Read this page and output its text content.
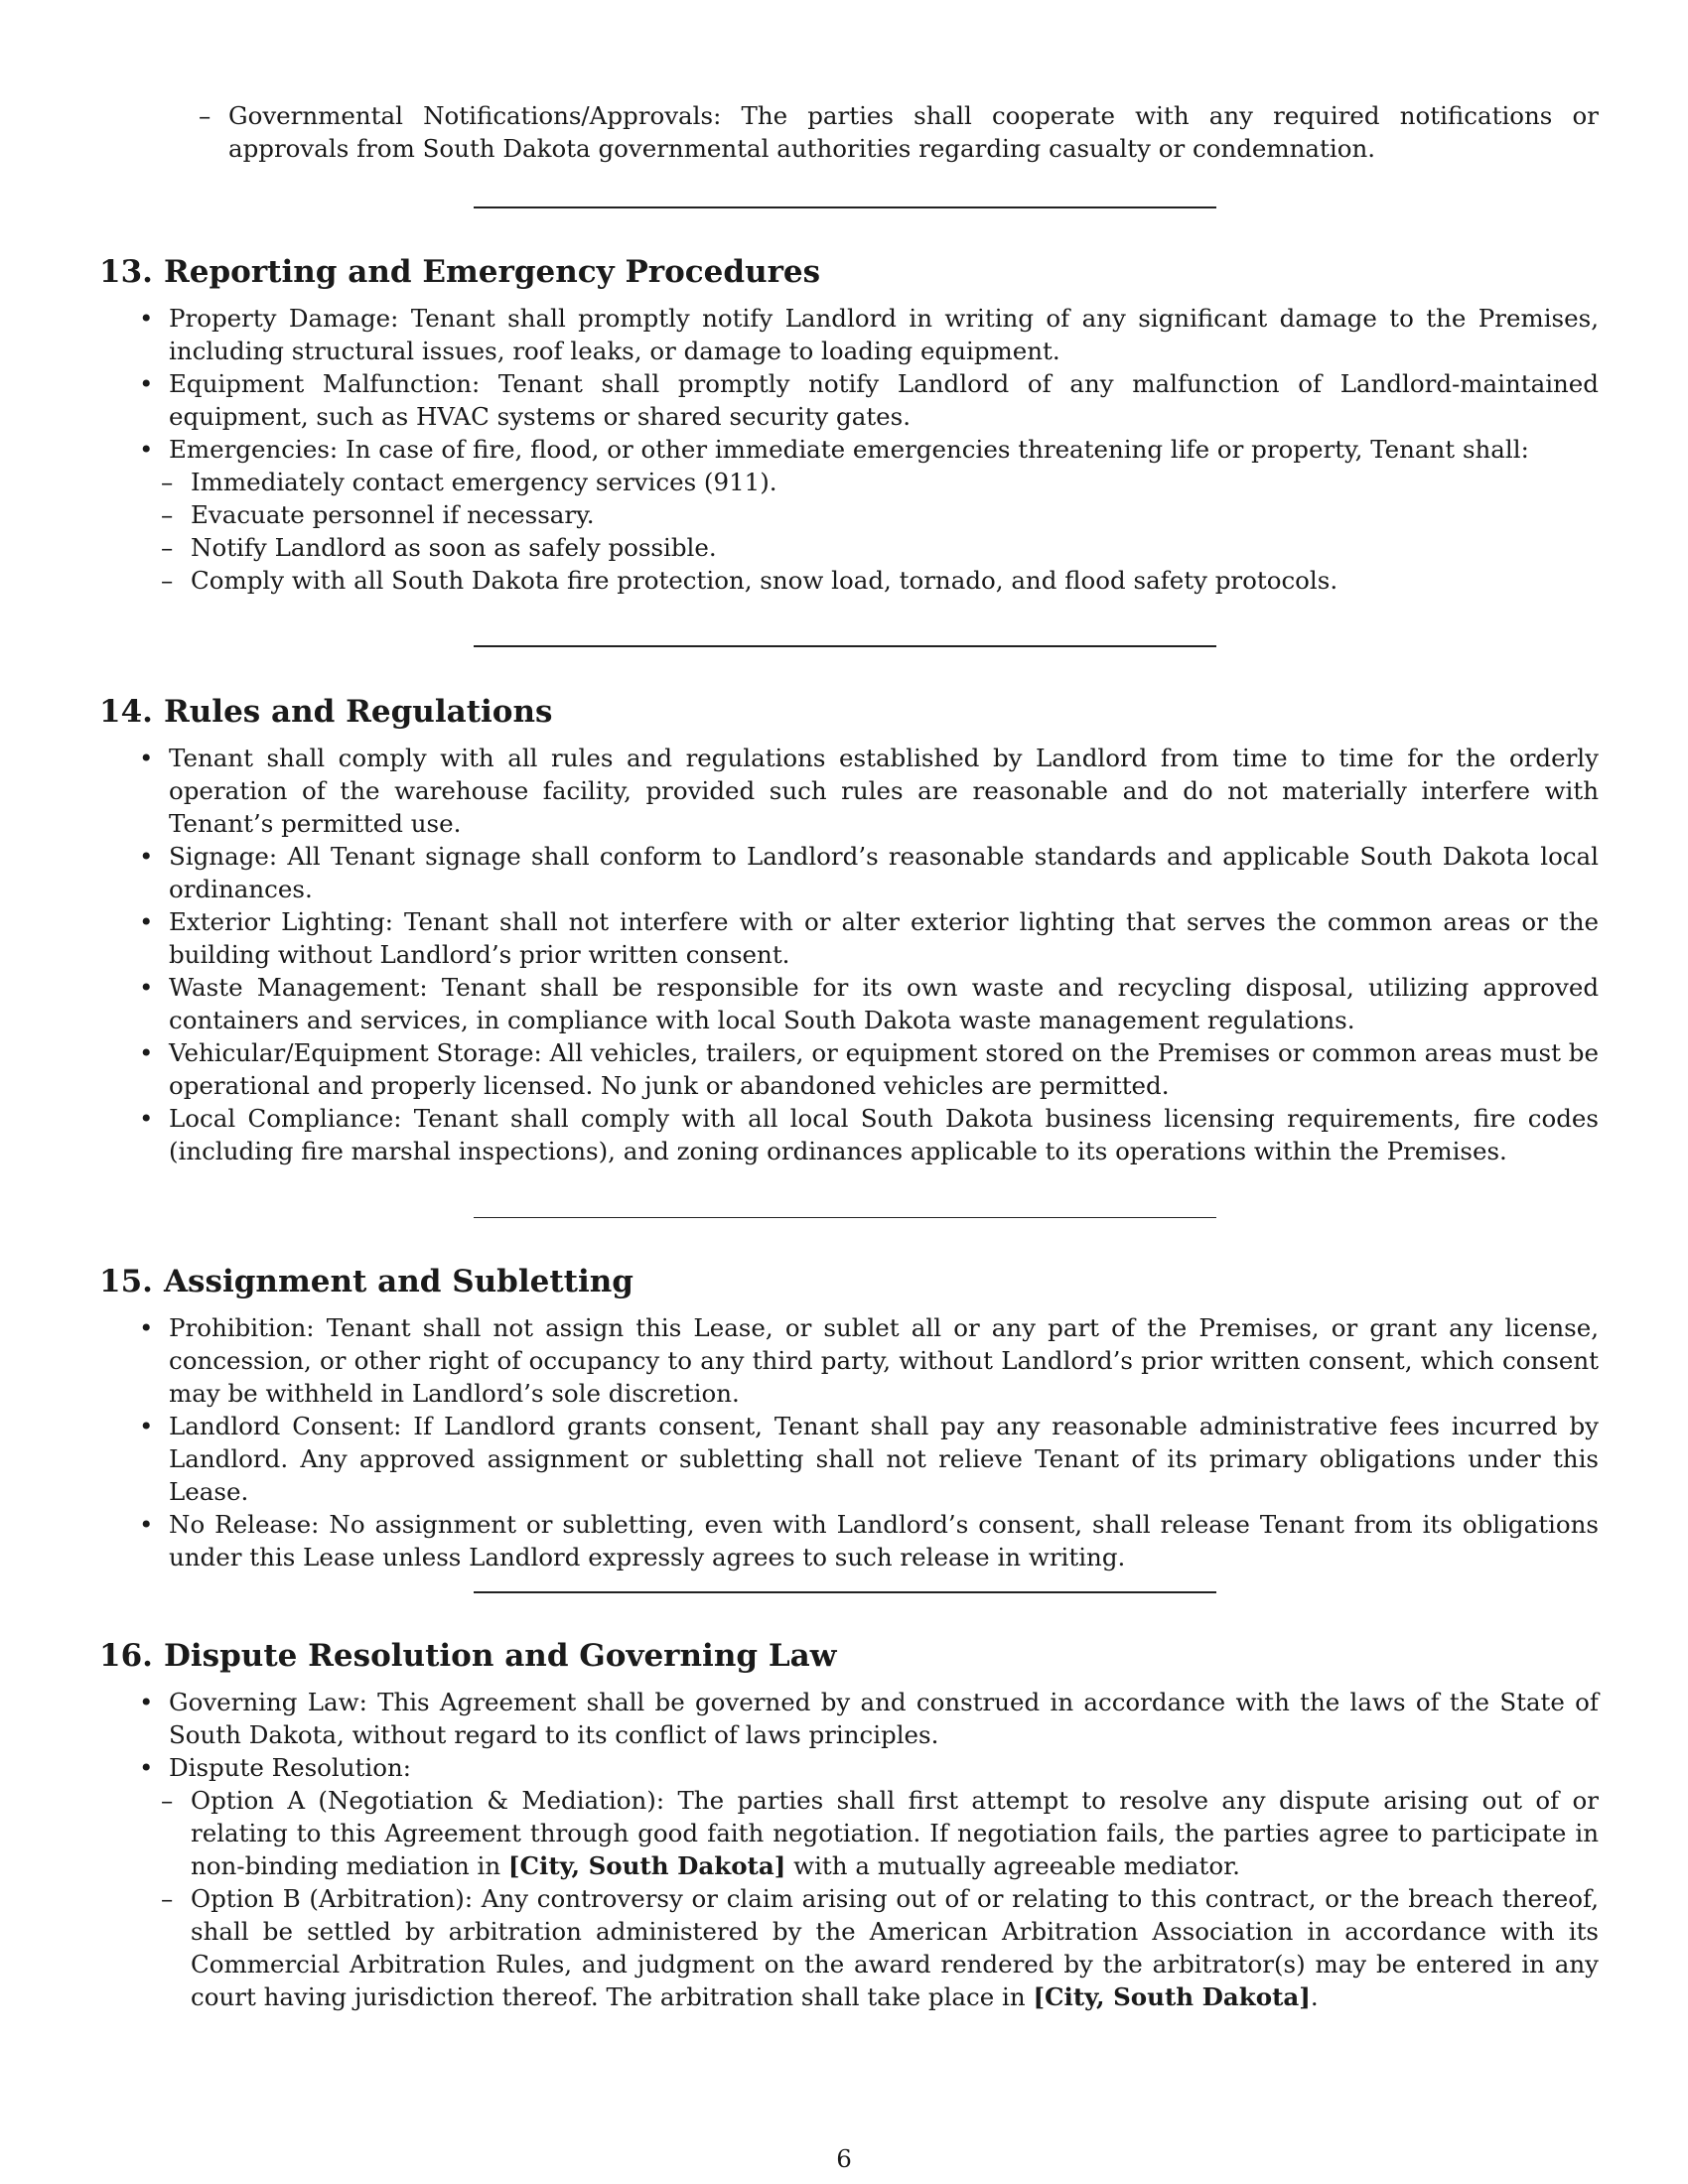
– Governmental Notifications/Approvals: The parties shall cooperate with any required notifications or approvals from South Dakota governmental authorities regarding casualty or condemnation.
13. Reporting and Emergency Procedures
• Property Damage: Tenant shall promptly notify Landlord in writing of any significant damage to the Premises, including structural issues, roof leaks, or damage to loading equipment.
• Equipment Malfunction: Tenant shall promptly notify Landlord of any malfunction of Landlord-maintained equipment, such as HVAC systems or shared security gates.
• Emergencies: In case of fire, flood, or other immediate emergencies threatening life or property, Tenant shall:
– Immediately contact emergency services (911).
– Evacuate personnel if necessary.
– Notify Landlord as soon as safely possible.
– Comply with all South Dakota fire protection, snow load, tornado, and flood safety protocols.
14. Rules and Regulations
• Tenant shall comply with all rules and regulations established by Landlord from time to time for the orderly operation of the warehouse facility, provided such rules are reasonable and do not materially interfere with Tenant’s permitted use.
• Signage: All Tenant signage shall conform to Landlord’s reasonable standards and applicable South Dakota local ordinances.
• Exterior Lighting: Tenant shall not interfere with or alter exterior lighting that serves the common areas or the building without Landlord’s prior written consent.
• Waste Management: Tenant shall be responsible for its own waste and recycling disposal, utilizing approved containers and services, in compliance with local South Dakota waste management regulations.
• Vehicular/Equipment Storage: All vehicles, trailers, or equipment stored on the Premises or common areas must be operational and properly licensed. No junk or abandoned vehicles are permitted.
• Local Compliance: Tenant shall comply with all local South Dakota business licensing requirements, fire codes (including fire marshal inspections), and zoning ordinances applicable to its operations within the Premises.
15. Assignment and Subletting
• Prohibition: Tenant shall not assign this Lease, or sublet all or any part of the Premises, or grant any license, concession, or other right of occupancy to any third party, without Landlord’s prior written consent, which consent may be withheld in Landlord’s sole discretion.
• Landlord Consent: If Landlord grants consent, Tenant shall pay any reasonable administrative fees incurred by Landlord. Any approved assignment or subletting shall not relieve Tenant of its primary obligations under this Lease.
• No Release: No assignment or subletting, even with Landlord’s consent, shall release Tenant from its obligations under this Lease unless Landlord expressly agrees to such release in writing.
16. Dispute Resolution and Governing Law
• Governing Law: This Agreement shall be governed by and construed in accordance with the laws of the State of South Dakota, without regard to its conflict of laws principles.
• Dispute Resolution:
– Option A (Negotiation & Mediation): The parties shall first attempt to resolve any dispute arising out of or relating to this Agreement through good faith negotiation. If negotiation fails, the parties agree to participate in non-binding mediation in [City, South Dakota] with a mutually agreeable mediator.
– Option B (Arbitration): Any controversy or claim arising out of or relating to this contract, or the breach thereof, shall be settled by arbitration administered by the American Arbitration Association in accordance with its Commercial Arbitration Rules, and judgment on the award rendered by the arbitrator(s) may be entered in any court having jurisdiction thereof. The arbitration shall take place in [City, South Dakota].
6
